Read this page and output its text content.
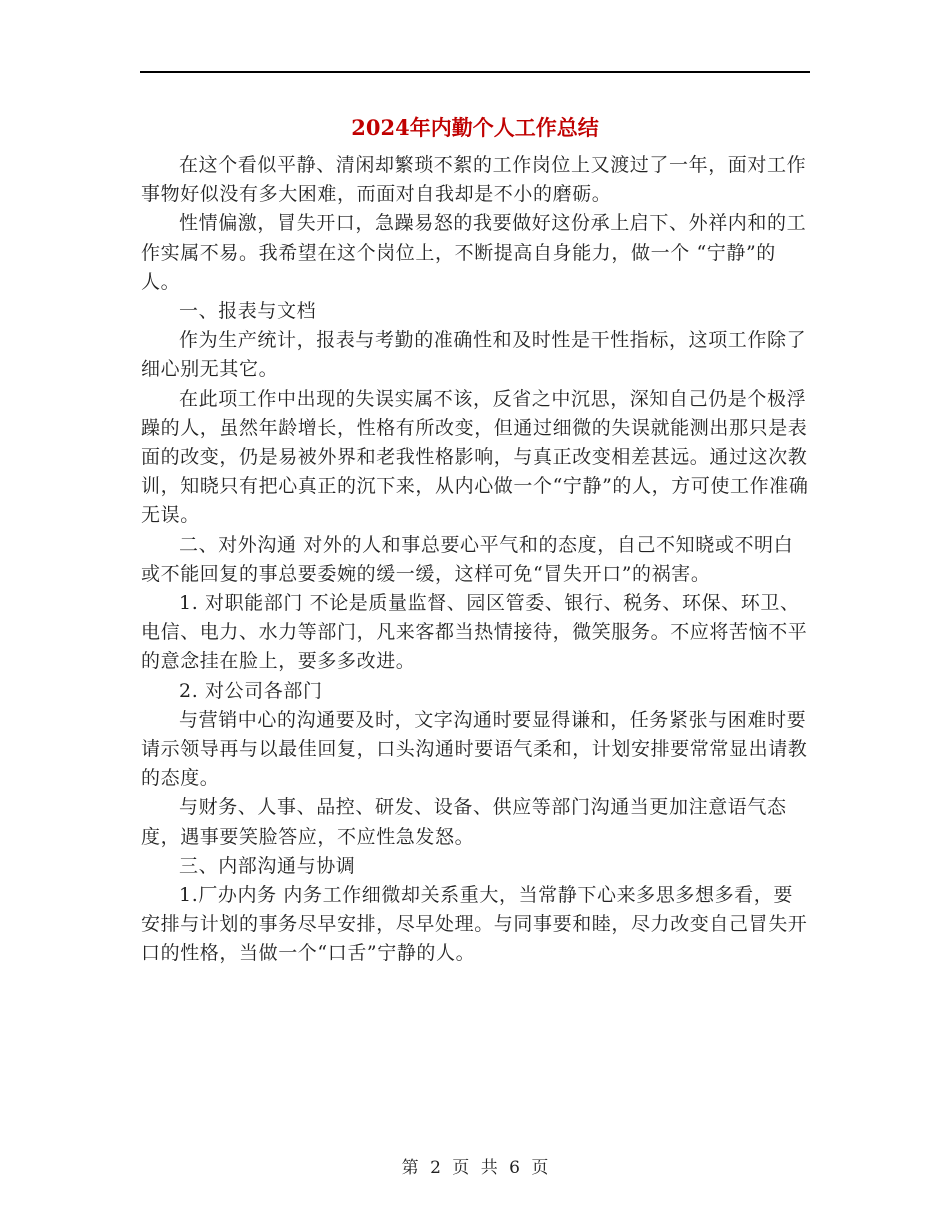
2024年内勤个人工作总结

在这个看似平静、清闲却繁琐不絮的工作岗位上又渡过了一年，面对工作事物好似没有多大困难，而面对自我却是不小的磨砺。

性情偏激，冒失开口，急躁易怒的我要做好这份承上启下、外祥内和的工作实属不易。我希望在这个岗位上，不断提高自身能力，做一个 “宁静”的人。

一、报表与文档

作为生产统计，报表与考勤的准确性和及时性是干性指标，这项工作除了细心别无其它。

在此项工作中出现的失误实属不该，反省之中沉思，深知自己仍是个极浮躁的人，虽然年龄增长，性格有所改变，但通过细微的失误就能测出那只是表面的改变，仍是易被外界和老我性格影响，与真正改变相差甚远。通过这次教训，知晓只有把心真正的沉下来，从内心做一个“宁静”的人，方可使工作准确无误。

二、对外沟通 对外的人和事总要心平气和的态度，自己不知晓或不明白或不能回复的事总要委婉的缓一缓，这样可免“冒失开口”的祸害。

1. 对职能部门 不论是质量监督、园区管委、银行、税务、环保、环卫、电信、电力、水力等部门，凡来客都当热情接待，微笑服务。不应将苦恼不平的意念挂在脸上，要多多改进。

2. 对公司各部门

与营销中心的沟通要及时，文字沟通时要显得谦和，任务紧张与困难时要请示领导再与以最佳回复，口头沟通时要语气柔和，计划安排要常常显出请教的态度。

与财务、人事、品控、研发、设备、供应等部门沟通当更加注意语气态度，遇事要笑脸答应，不应性急发怒。

三、内部沟通与协调

1.厂办内务 内务工作细微却关系重大，当常静下心来多思多想多看，要安排与计划的事务尽早安排，尽早处理。与同事要和睦，尽力改变自己冒失开口的性格，当做一个“口舌”宁静的人。

第 2 页 共 6 页
